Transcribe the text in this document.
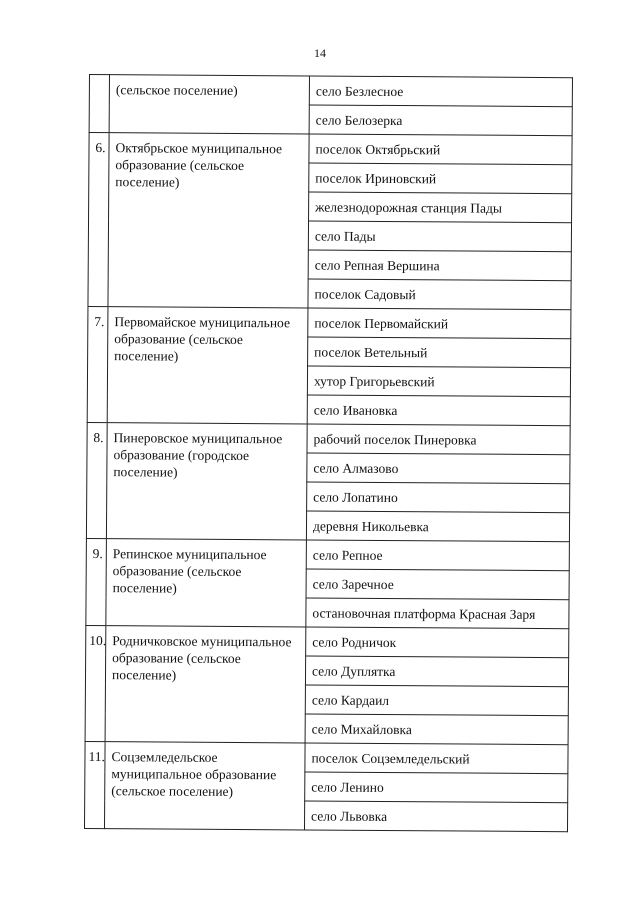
14
	(сельское поселение)	село Безлесное
		село Белозерка
6.	Октябрьское муниципальное образование (сельское поселение)	поселок Октябрьский
		поселок Ириновский
		железнодорожная станция Пады
		село Пады
		село Репная Вершина
		поселок Садовый
7.	Первомайское муниципальное образование (сельское поселение)	поселок Первомайский
		поселок Ветельный
		хутор Григорьевский
		село Ивановка
8.	Пинеровское муниципальное образование (городское поселение)	рабочий поселок Пинеровка
		село Алмазово
		село Лопатино
		деревня Никольевка
9.	Репинское муниципальное образование (сельское поселение)	село Репное
		село Заречное
		остановочная платформа Красная Заря
10.	Родничковское муниципальное образование (сельское поселение)	село Родничок
		село Дуплятка
		село Кардаил
		село Михайловка
11.	Соцземледельское муниципальное образование (сельское поселение)	поселок Соцземледельский
		село Ленино
		село Львовка
